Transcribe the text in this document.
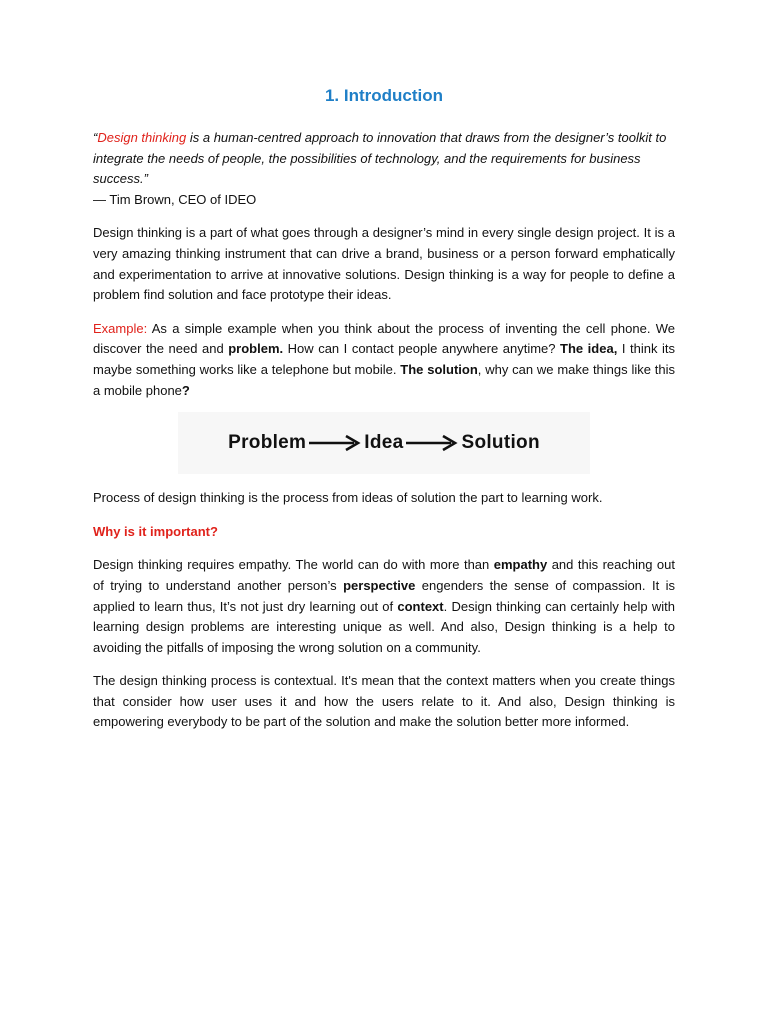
1. Introduction

“Design thinking is a human-centred approach to innovation that draws from the designer’s toolkit to integrate the needs of people, the possibilities of technology, and the requirements for business success.”

— Tim Brown, CEO of IDEO

Design thinking is a part of what goes through a designer’s mind in every single design project. It is a very amazing thinking instrument that can drive a brand, business or a person forward emphatically and experimentation to arrive at innovative solutions. Design thinking is a way for people to define a problem find solution and face prototype their ideas.

Example: As a simple example when you think about the process of inventing the cell phone. We discover the need and problem. How can I contact people anywhere anytime? The idea, I think its maybe something works like a telephone but mobile. The solution, why can we make things like this a mobile phone?

Problem	Idea	Solution

Process of design thinking is the process from ideas of solution the part to learning work.

Why is it important?

Design thinking requires empathy. The world can do with more than empathy and this reaching out of trying to understand another person’s perspective engenders the sense of compassion. It is applied to learn thus, It’s not just dry learning out of context. Design thinking can certainly help with learning design problems are interesting unique as well. And also, Design thinking is a help to avoiding the pitfalls of imposing the wrong solution on a community.

The design thinking process is contextual. It's mean that the context matters when you create things that consider how user uses it and how the users relate to it. And also, Design thinking is empowering everybody to be part of the solution and make the solution better more informed.
